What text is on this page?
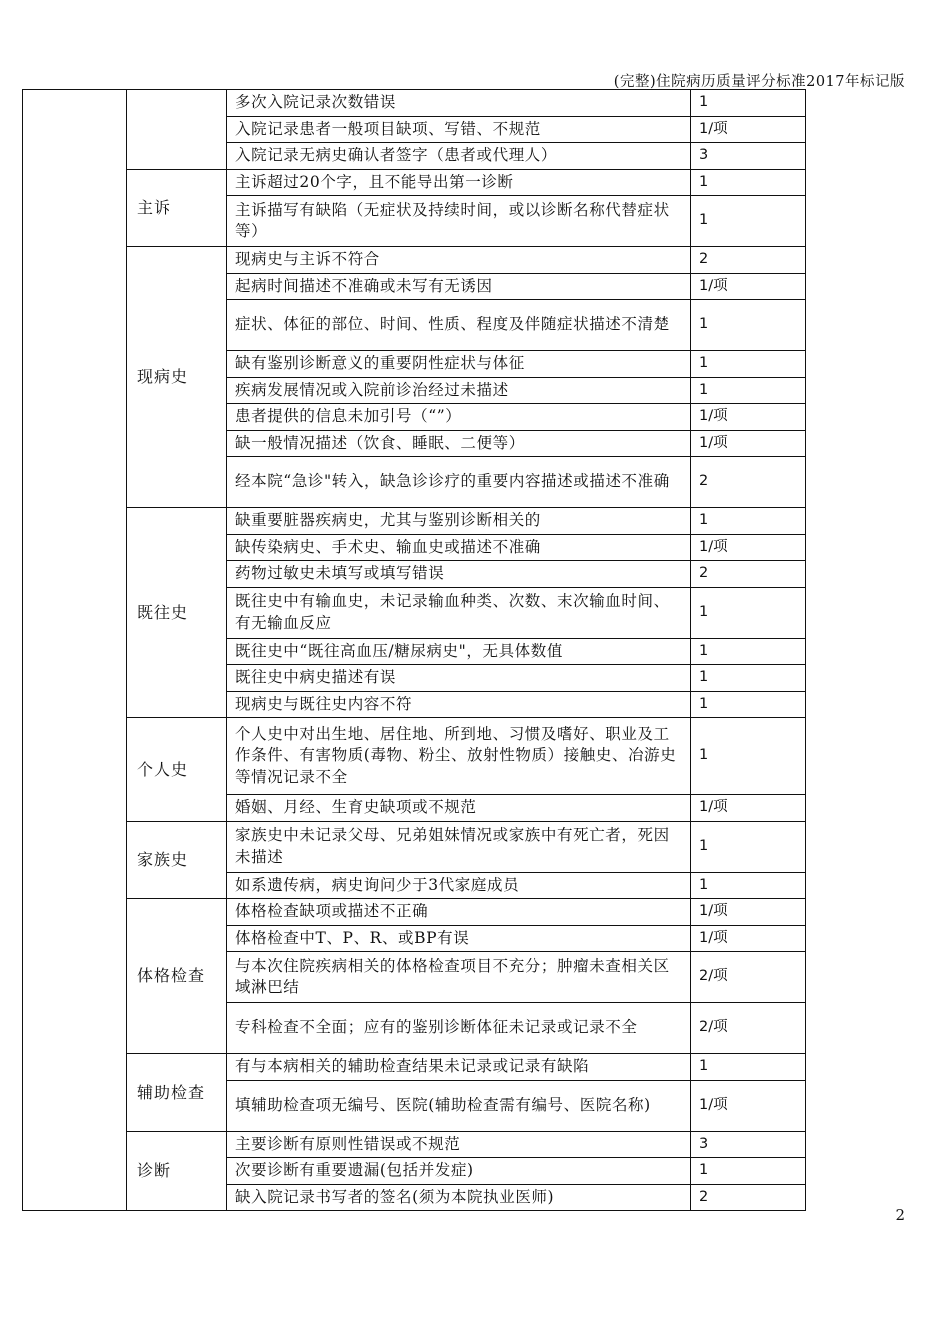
(完整)住院病历质量评分标准2017年标记版
		多次入院记录次数错误	1
		入院记录患者一般项目缺项、写错、不规范	1/项
		入院记录无病史确认者签字（患者或代理人）	3
	主诉	主诉超过20个字，且不能导出第一诊断	1
		主诉描写有缺陷（无症状及持续时间，或以诊断名称代替症状等）	1
	现病史	现病史与主诉不符合	2
		起病时间描述不准确或未写有无诱因	1/项
		症状、体征的部位、时间、性质、程度及伴随症状描述不清楚	1
		缺有鉴别诊断意义的重要阴性症状与体征	1
		疾病发展情况或入院前诊治经过未描述	1
		患者提供的信息未加引号（“”）	1/项
		缺一般情况描述（饮食、睡眠、二便等）	1/项
		经本院“急诊"转入，缺急诊诊疗的重要内容描述或描述不准确	2
	既往史	缺重要脏器疾病史，尤其与鉴别诊断相关的	1
		缺传染病史、手术史、输血史或描述不准确	1/项
		药物过敏史未填写或填写错误	2
		既往史中有输血史，未记录输血种类、次数、末次输血时间、有无输血反应	1
		既往史中“既往高血压/糖尿病史"，无具体数值	1
		既往史中病史描述有误	1
		现病史与既往史内容不符	1
	个人史	个人史中对出生地、居住地、所到地、习惯及嗜好、职业及工作条件、有害物质(毒物、粉尘、放射性物质）接触史、冶游史等情况记录不全	1
		婚姻、月经、生育史缺项或不规范	1/项
	家族史	家族史中未记录父母、兄弟姐妹情况或家族中有死亡者，死因未描述	1
		如系遗传病，病史询问少于3代家庭成员	1
	体格检查	体格检查缺项或描述不正确	1/项
		体格检查中T、P、R、或BP有误	1/项
		与本次住院疾病相关的体格检查项目不充分；肿瘤未查相关区域淋巴结	2/项
		专科检查不全面；应有的鉴别诊断体征未记录或记录不全	2/项
	辅助检查	有与本病相关的辅助检查结果未记录或记录有缺陷	1
		填辅助检查项无编号、医院(辅助检查需有编号、医院名称)	1/项
	诊断	主要诊断有原则性错误或不规范	3
		次要诊断有重要遗漏(包括并发症)	1
		缺入院记录书写者的签名(须为本院执业医师)	2
2
